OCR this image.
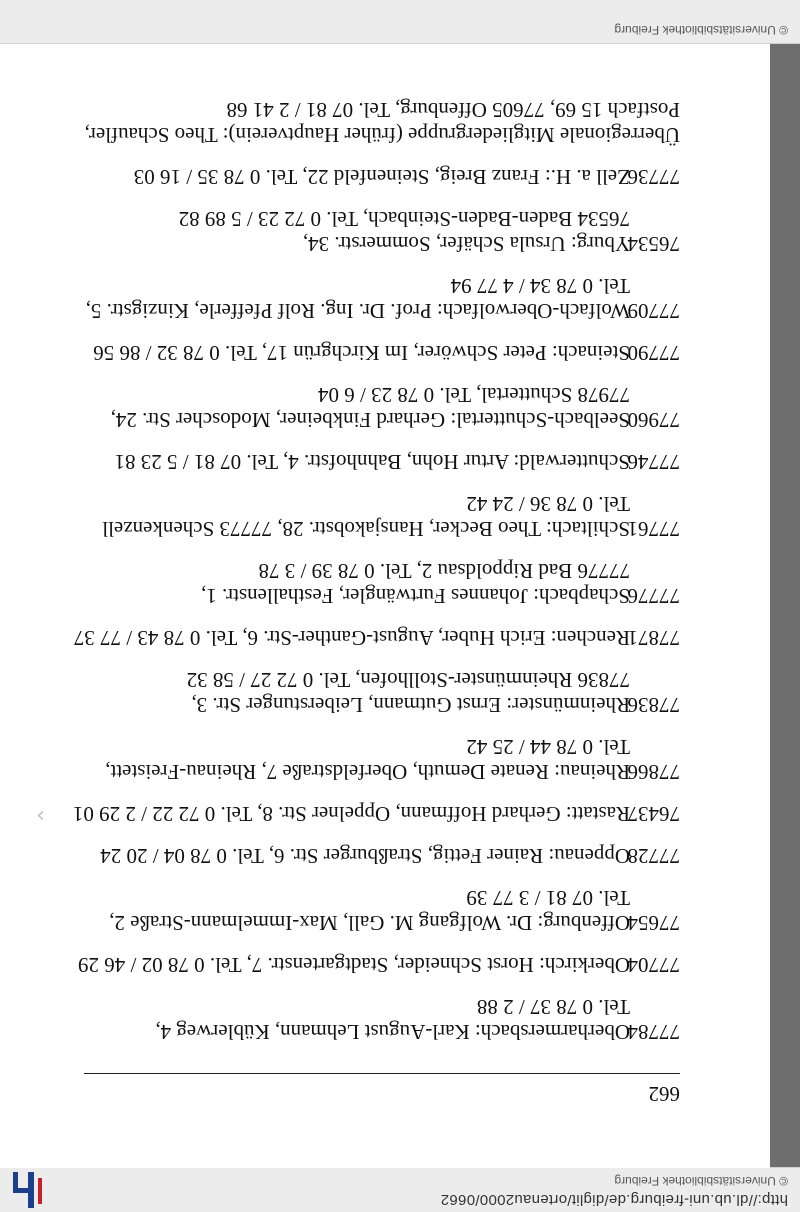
http://dl.ub.uni-freiburg.de/diglit/ortenau2000/0662
© Universitätsbibliothek Freiburg
662
77784
Oberharmersbach: Karl-August Lehmann, Küblerweg 4,
Tel. 0 78 37 / 2 88
77704
Oberkirch: Horst Schneider, Stadtgartenstr. 7, Tel. 0 78 02 / 46 29
77654
Offenburg: Dr. Wolfgang M. Gall, Max-Immelmann-Straße 2,
Tel. 07 81 / 3 77 39
77728
Oppenau: Rainer Fettig, Straßburger Str. 6, Tel. 0 78 04 / 20 24
76437
Rastatt: Gerhard Hoffmann, Oppelner Str. 8, Tel. 0 72 22 / 2 29 01
77866
Rheinau: Renate Demuth, Oberfeldstraße 7, Rheinau-Freistett,
Tel. 0 78 44 / 25 42
77836
Rheinmünster: Ernst Gutmann, Leiberstunger Str. 3,
77836 Rheinmünster-Stollhofen, Tel. 0 72 27 / 58 32
77871
Renchen: Erich Huber, August-Ganther-Str. 6, Tel. 0 78 43 / 77 37
77776
Schapbach: Johannes Furtwängler, Festhallenstr. 1,
77776 Bad Rippoldsau 2, Tel. 0 78 39 / 3 78
77761
Schiltach: Theo Becker, Hansjakobstr. 28, 77773 Schenkenzell
Tel. 0 78 36 / 24 42
77746
Schutterwald: Artur Hohn, Bahnhofstr. 4, Tel. 07 81 / 5 23 81
77960
Seelbach-Schuttertal: Gerhard Finkbeiner, Modoscher Str. 24,
77978 Schuttertal, Tel. 0 78 23 / 6 04
77790
Steinach: Peter Schwörer, Im Kirchgrün 17, Tel. 0 78 32 / 86 56
77709
Wolfach-Oberwolfach: Prof. Dr. Ing. Rolf Pfefferle, Kinzigstr. 5,
Tel. 0 78 34 / 4 77 94
76534
Yburg: Ursula Schäfer, Sommerstr. 34,
76534 Baden-Baden-Steinbach, Tel. 0 72 23 / 5 89 82
77736
Zell a. H.: Franz Breig, Steinenfeld 22, Tel. 0 78 35 / 16 03
Überregionale Mitgliedergruppe (früher Hauptverein): Theo Schaufler,
Postfach 15 69, 77605 Offenburg, Tel. 07 81 / 2 41 68
›
© Universitätsbibliothek Freiburg
